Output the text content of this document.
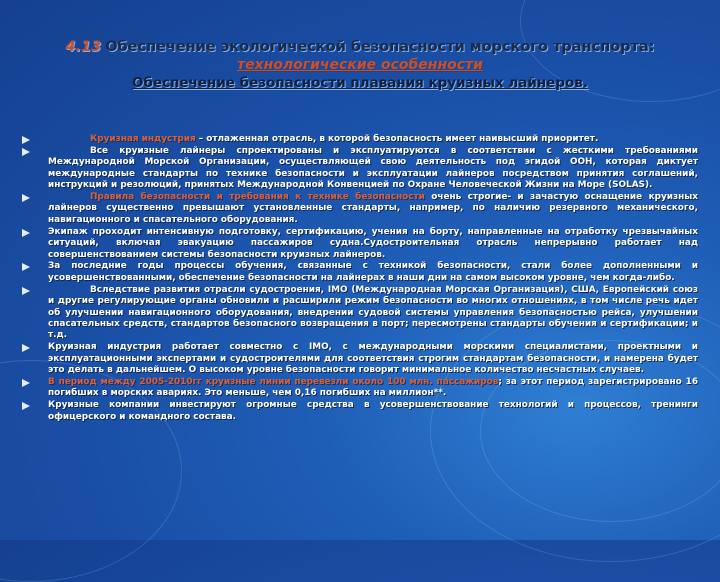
4.13 Обеспечение экологической безопасности морского транспорта:
технологические особенности
Обеспечение безопасности плавания круизных лайнеров.
Круизная индустрия – отлаженная отрасль, в которой безопасность имеет наивысший приоритет.
Все круизные лайнеры спроектированы и эксплуатируются в соответствии с жесткими требованиями Международной Морской Организации, осуществляющей свою деятельность под эгидой ООН, которая диктует международные стандарты по технике безопасности и эксплуатации лайнеров посредством принятия соглашений, инструкций и резолюций, принятых Международной Конвенцией по Охране Человеческой Жизни на Море (SOLAS).
Правила безопасности и требования к технике безопасности очень строгие- и зачастую оснащение круизных лайнеров существенно превышают установленные стандарты, например, по наличию резервного механического, навигационного и спасательного оборудования.
Экипаж проходит интенсивную подготовку, сертификацию, учения на борту, направленные на отработку чрезвычайных ситуаций, включая эвакуацию пассажиров судна.Судостроительная отрасль непрерывно работает над совершенствованием системы безопасности круизных лайнеров.
За последние годы процессы обучения, связанные с техникой безопасности, стали более дополненными и усовершенствованными, обеспечение безопасности на лайнерах в наши дни на самом высоком уровне, чем когда-либо.
Вследствие развития отрасли судостроения, IMO (Международная Морская Организация), США, Европейский союз и другие регулирующие органы обновили и расширили режим безопасности во многих отношениях, в том числе речь идет об улучшении навигационного оборудования, внедрении судовой системы управления безопасностью рейса, улучшении спасательных средств, стандартов безопасного возвращения в порт; пересмотрены стандарты обучения и сертификации; и т.д.
Круизная индустрия работает совместно с IMO, с международными морскими специалистами, проектными и эксплуатационными экспертами и судостроителями для соответствия строгим стандартам безопасности, и намерена будет это делать в дальнейшем. О высоком уровне безопасности говорит минимальное количество несчастных случаев.
В период между 2005-2010гг круизные линии перевезли около 100 млн. пассажиров; за этот период зарегистрировано 16 погибших в морских авариях. Это меньше, чем 0,16 погибших на миллион**.
Круизные компании инвестируют огромные средства в усовершенствование технологий и процессов, тренинги офицерского и командного состава.
